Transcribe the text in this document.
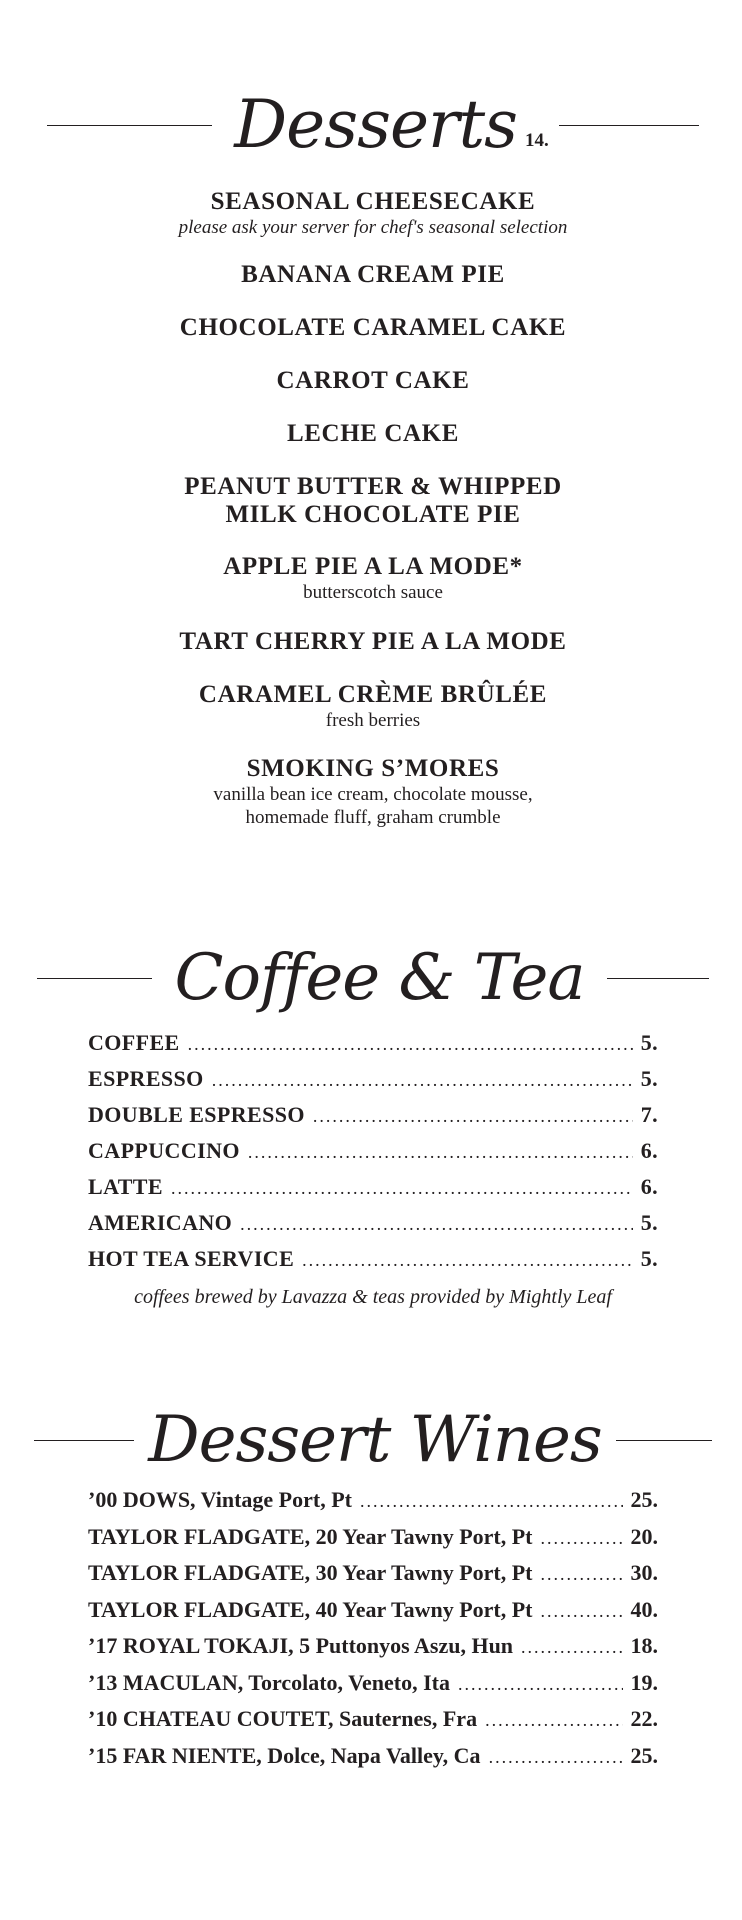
Desserts 14.
SEASONAL CHEESECAKE
please ask your server for chef's seasonal selection
BANANA CREAM PIE
CHOCOLATE CARAMEL CAKE
CARROT CAKE
LECHE CAKE
PEANUT BUTTER & WHIPPED
MILK CHOCOLATE PIE
APPLE PIE A LA MODE*
butterscotch sauce
TART CHERRY PIE A LA MODE
CARAMEL CRÈME BRÛLÉE
fresh berries
SMOKING S’MORES
vanilla bean ice cream, chocolate mousse,
homemade fluff, graham crumble
Coffee & Tea
COFFEE .....	5.
ESPRESSO .....	5.
DOUBLE ESPRESSO .....	7.
CAPPUCCINO .....	6.
LATTE .....	6.
AMERICANO .....	5.
HOT TEA SERVICE .....	5.
coffees brewed by Lavazza & teas provided by Mightly Leaf
Dessert Wines
’00 DOWS, Vintage Port, Pt .....	25.
TAYLOR FLADGATE, 20 Year Tawny Port, Pt .....	20.
TAYLOR FLADGATE, 30 Year Tawny Port, Pt .....	30.
TAYLOR FLADGATE, 40 Year Tawny Port, Pt .....	40.
’17 ROYAL TOKAJI, 5 Puttonyos Aszu, Hun .....	18.
’13 MACULAN, Torcolato, Veneto, Ita .....	19.
’10 CHATEAU COUTET, Sauternes, Fra .....	22.
’15 FAR NIENTE, Dolce, Napa Valley, Ca .....	25.
